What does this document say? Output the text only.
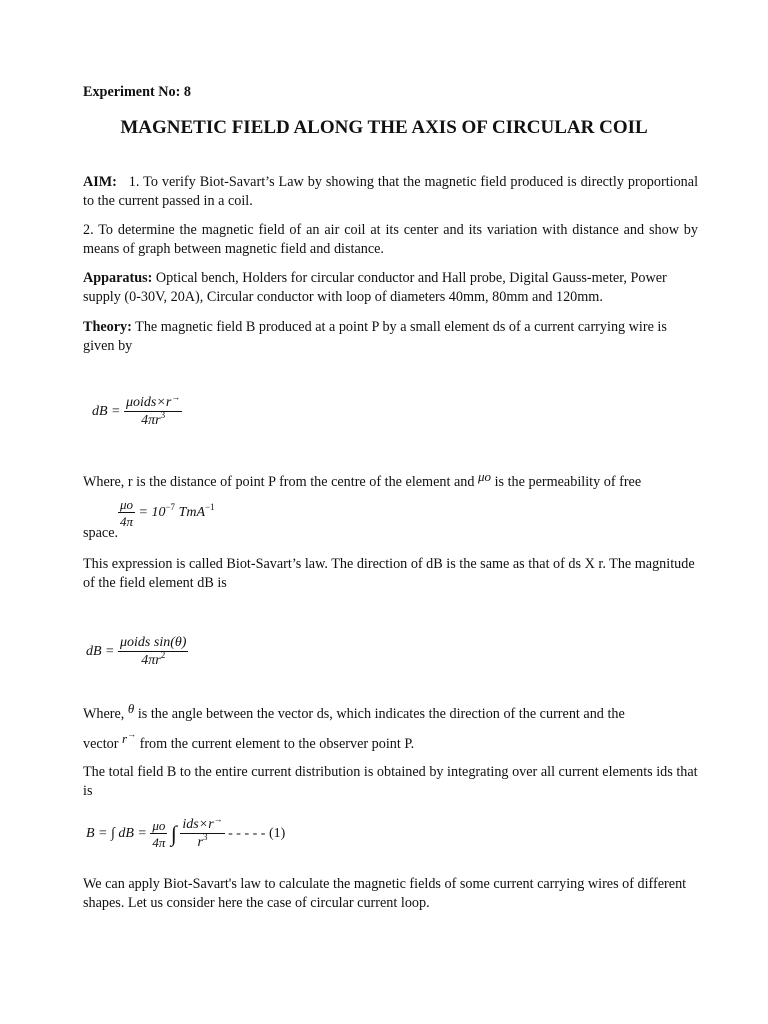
Experiment No: 8
MAGNETIC FIELD ALONG THE AXIS OF CIRCULAR COIL

AIM: 1. To verify Biot-Savart’s Law by showing that the magnetic field produced is directly proportional to the current passed in a coil.

2. To determine the magnetic field of an air coil at its center and its variation with distance and show by means of graph between magnetic field and distance.

Apparatus: Optical bench, Holders for circular conductor and Hall probe, Digital Gauss-meter, Power supply (0-30V, 20A), Circular conductor with loop of diameters 40mm, 80mm and 120mm.

Theory: The magnetic field B produced at a point P by a small element ds of a current carrying wire is given by

dB = $\frac{\mu oids\times r^\to}{4\pi r^3}$

Where, r is the distance of point P from the centre of the element and μo is the permeability of free

$\frac{\mu o}{4\pi} = 10^{-7}$ TmA$^{-1}$

space.

This expression is called Biot-Savart’s law. The direction of dB is the same as that of ds X r. The magnitude of the field element dB is

dB = $\frac{\text{μoids sin(θ)}}{4\pi r^2}$

Where, θ is the angle between the vector ds, which indicates the direction of the current and the

vector r→ from the current element to the observer point P.

The total field B to the entire current distribution is obtained by integrating over all current elements ids that is

B = ∫ dB = $\frac{\mu o}{4\pi}$ ∫ $\frac{ids\times r^\to}{r^3}$ - - - - - (1)

We can apply Biot-Savart's law to calculate the magnetic fields of some current carrying wires of different shapes. Let us consider here the case of circular current loop.
